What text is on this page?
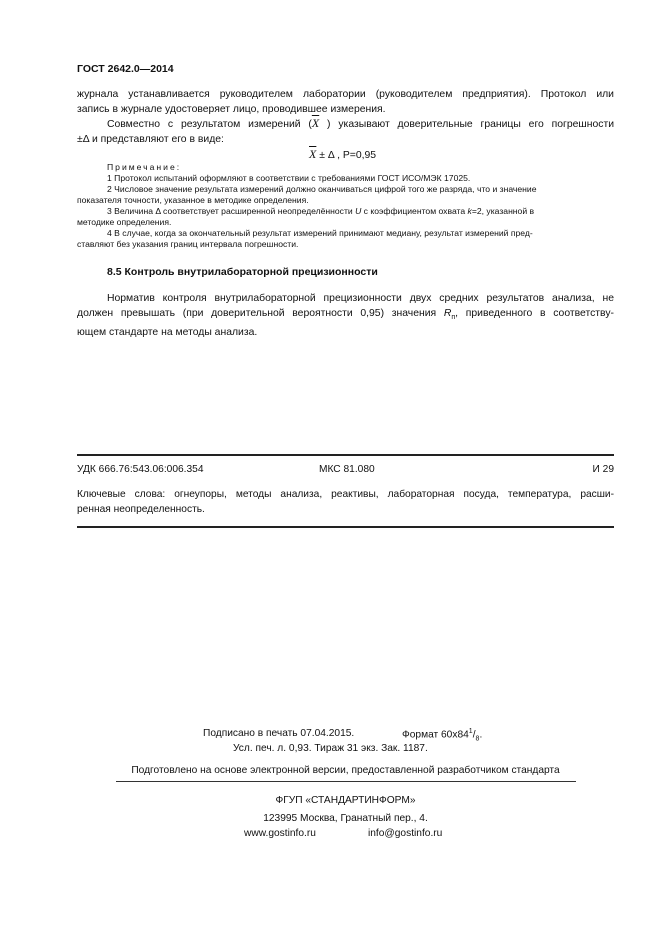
ГОСТ 2642.0—2014
журнала устанавливается руководителем лаборатории (руководителем предприятия). Протокол или
запись в журнале удостоверяет лицо, проводившее измерения.
Совместно с результатом измерений ($\overline{X}$ ) указывают доверительные границы его погрешности
±Δ и представляют его в виде:
$\overline{X} \pm \Delta$ , P=0,95
Примечание:
1 Протокол испытаний оформляют в соответствии с требованиями ГОСТ ИСО/МЭК 17025.
2 Числовое значение результата измерений должно оканчиваться цифрой того же разряда, что и значение
показателя точности, указанное в методике определения.
3 Величина Δ соответствует расширенной неопределённости U с коэффициентом охвата k=2, указанной в
методике определения.
4 В случае, когда за окончательный результат измерений принимают медиану, результат измерений пред-
ставляют без указания границ интервала погрешности.
8.5 Контроль внутрилабораторной прецизионности
Норматив контроля внутрилабораторной прецизионности двух средних результатов анализа, не
должен превышать (при доверительной вероятности 0,95) значения $R_п$, приведенного в соответству-
ющем стандарте на методы анализа.
УДК 666.76:543.06:006.354	МКС 81.080	И 29
Ключевые слова: огнеупоры, методы анализа, реактивы, лабораторная посуда, температура, расши-
ренная неопределенность.
Подписано в печать 07.04.2015.	Формат $60x84^1/_8$.
Усл. печ. л. 0,93. Тираж 31 экз. Зак. 1187.
Подготовлено на основе электронной версии, предоставленной разработчиком стандарта
ФГУП «СТАНДАРТИНФОРМ»
123995 Москва, Гранатный пер., 4.
www.gostinfo.ru	info@gostinfo.ru
